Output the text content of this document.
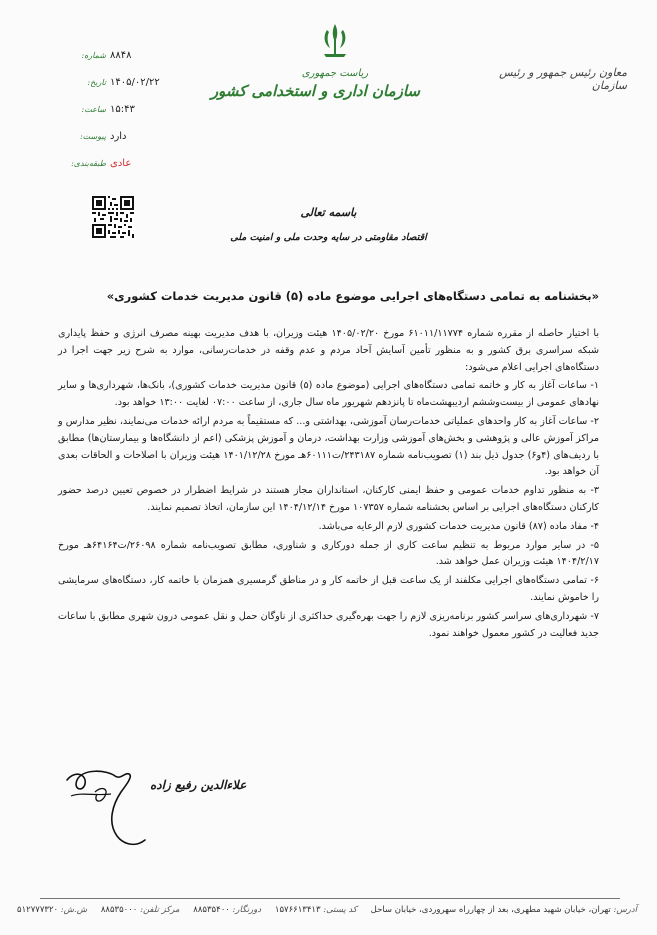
معاون رئیس جمهور و رئیس سازمان
ریاست جمهوری
سازمان اداری و استخدامی کشور
شماره: ۸۸۴۸
تاریخ: ۱۴۰۵/۰۲/۲۲
ساعت: ۱۵:۴۳
پیوست: دارد
طبقه‌بندی: عادی
باسمه تعالی
اقتصاد مقاومتی در سایه وحدت ملی و امنیت ملی
«بخشنامه به تمامی دستگاه‌های اجرایی موضوع ماده (۵) قانون مدیریت خدمات کشوری»

با اختیار حاصله از مقرره شماره ۶۱۰۱۱/۱۱۷۷۴ مورخ ۱۴۰۵/۰۲/۲۰ هیئت وزیران، با هدف مدیریت بهینه مصرف انرژی و حفظ پایداری شبکه سراسری برق کشور و به منظور تأمین آسایش آحاد مردم و عدم وقفه در خدمات‌رسانی، موارد به شرح زیر جهت اجرا در دستگاه‌های اجرایی اعلام می‌شود:

۱- ساعات آغاز به کار و خاتمه تمامی دستگاه‌های اجرایی (موضوع ماده (۵) قانون مدیریت خدمات کشوری)، بانک‌ها، شهرداری‌ها و سایر نهادهای عمومی از بیست‌وششم اردیبهشت‌ماه تا پانزدهم شهریور ماه سال جاری، از ساعت ۰۷:۰۰ لغایت ۱۳:۰۰ خواهد بود.

۲- ساعات آغاز به کار واحدهای عملیاتی خدمات‌رسان آموزشی، بهداشتی و... که مستقیماً به مردم ارائه خدمات می‌نمایند، نظیر مدارس و مراکز آموزش عالی و پژوهشی و بخش‌های آموزشی وزارت بهداشت، درمان و آموزش پزشکی (اعم از دانشگاه‌ها و بیمارستان‌ها) مطابق با ردیف‌های (۴و۶) جدول ذیل بند (۱) تصویب‌نامه شماره ۲۴۳۱۸۷/ت۶۰۱۱۱هـ مورخ ۱۴۰۱/۱۲/۲۸ هیئت وزیران با اصلاحات و الحاقات بعدی آن خواهد بود.

۳- به منظور تداوم خدمات عمومی و حفظ ایمنی کارکنان، استانداران مجاز هستند در شرایط اضطرار در خصوص تعیین درصد حضور کارکنان دستگاه‌های اجرایی بر اساس بخشنامه شماره ۱۰۷۳۵۷ مورخ ۱۴۰۴/۱۲/۱۴ این سازمان، اتخاذ تصمیم نمایند.

۴- مفاد ماده (۸۷) قانون مدیریت خدمات کشوری لازم الرعایه می‌باشد.

۵- در سایر موارد مربوط به تنظیم ساعت کاری از جمله دورکاری و شناوری، مطابق تصویب‌نامه شماره ۲۶۰۹۸/ت۶۴۱۶۴هـ مورخ ۱۴۰۴/۲/۱۷ هیئت وزیران عمل خواهد شد.

۶- تمامی دستگاه‌های اجرایی مکلفند از یک ساعت قبل از خاتمه کار و در مناطق گرمسیری همزمان با خاتمه کار، دستگاه‌های سرمایشی را خاموش نمایند.

۷- شهرداری‌های سراسر کشور برنامه‌ریزی لازم را جهت بهره‌گیری حداکثری از ناوگان حمل و نقل عمومی درون شهری مطابق با ساعات جدید فعالیت در کشور معمول خواهند نمود.

علاءالدین رفیع زاده
آدرس: تهران، خیابان شهید مطهری، بعد از چهارراه سهروردی، خیابان ساحل
کد پستی: ۱۵۷۶۶۱۳۴۱۳
دورنگار: ۸۸۵۳۵۴۰۰
مرکز تلفن: ۸۸۵۳۵۰۰۰
ش.ش: ۵۱۲۷۷۷۳۲۰
